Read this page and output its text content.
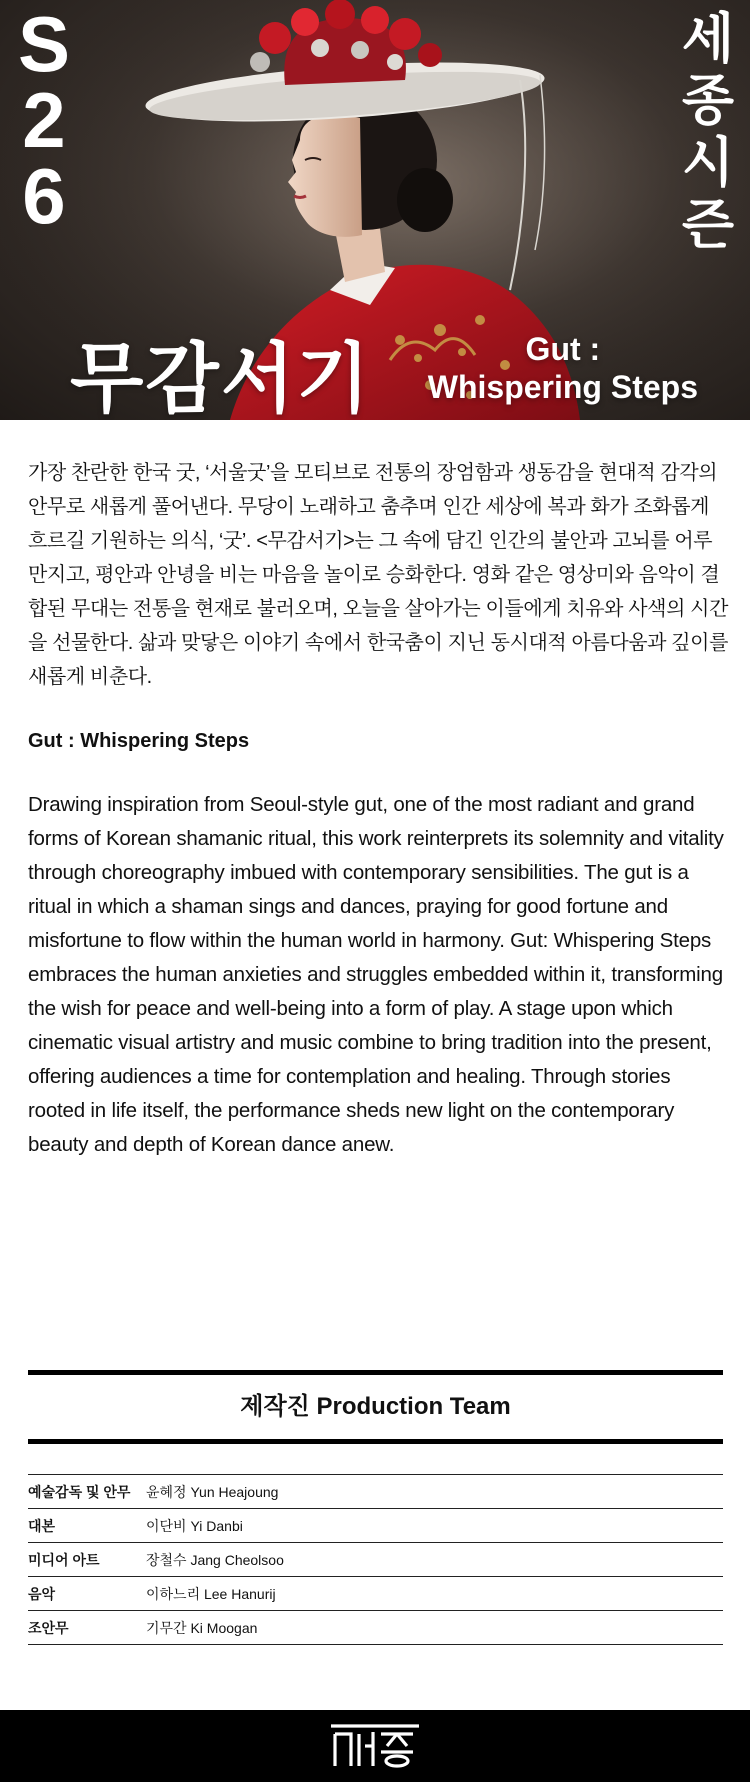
S
2
6
세
종
시
즌
무감서기	Gut :
Whispering Steps

가장 찬란한 한국 굿, ‘서울굿’을 모티브로 전통의 장엄함과 생동감을 현대적 감각의 안무로 새롭게 풀어낸다. 무당이 노래하고 춤추며 인간 세상에 복과 화가 조화롭게 흐르길 기원하는 의식, ‘굿’. <무감서기>는 그 속에 담긴 인간의 불안과 고뇌를 어루만지고, 평안과 안녕을 비는 마음을 놀이로 승화한다. 영화 같은 영상미와 음악이 결합된 무대는 전통을 현재로 불러오며, 오늘을 살아가는 이들에게 치유와 사색의 시간을 선물한다. 삶과 맞닿은 이야기 속에서 한국춤이 지닌 동시대적 아름다움과 깊이를 새롭게 비춘다.

Gut : Whispering Steps

Drawing inspiration from Seoul-style gut, one of the most radiant and grand forms of Korean shamanic ritual, this work reinterprets its solemnity and vitality through choreography imbued with contemporary sensibilities. The gut is a ritual in which a shaman sings and dances, praying for good fortune and misfortune to flow within the human world in harmony. Gut: Whispering Steps embraces the human anxieties and struggles embedded within it, transforming the wish for peace and well-being into a form of play. A stage upon which cinematic visual artistry and music combine to bring tradition into the present, offering audiences a time for contemplation and healing. Through stories rooted in life itself, the performance sheds new light on the contemporary beauty and depth of Korean dance anew.

제작진 Production Team
예술감독 및 안무	윤혜정 Yun Heajoung
대본	이단비 Yi Danbi
미디어 아트	장철수 Jang Cheolsoo
음악	이하느리 Lee Hanurij
조안무	기무간 Ki Moogan
